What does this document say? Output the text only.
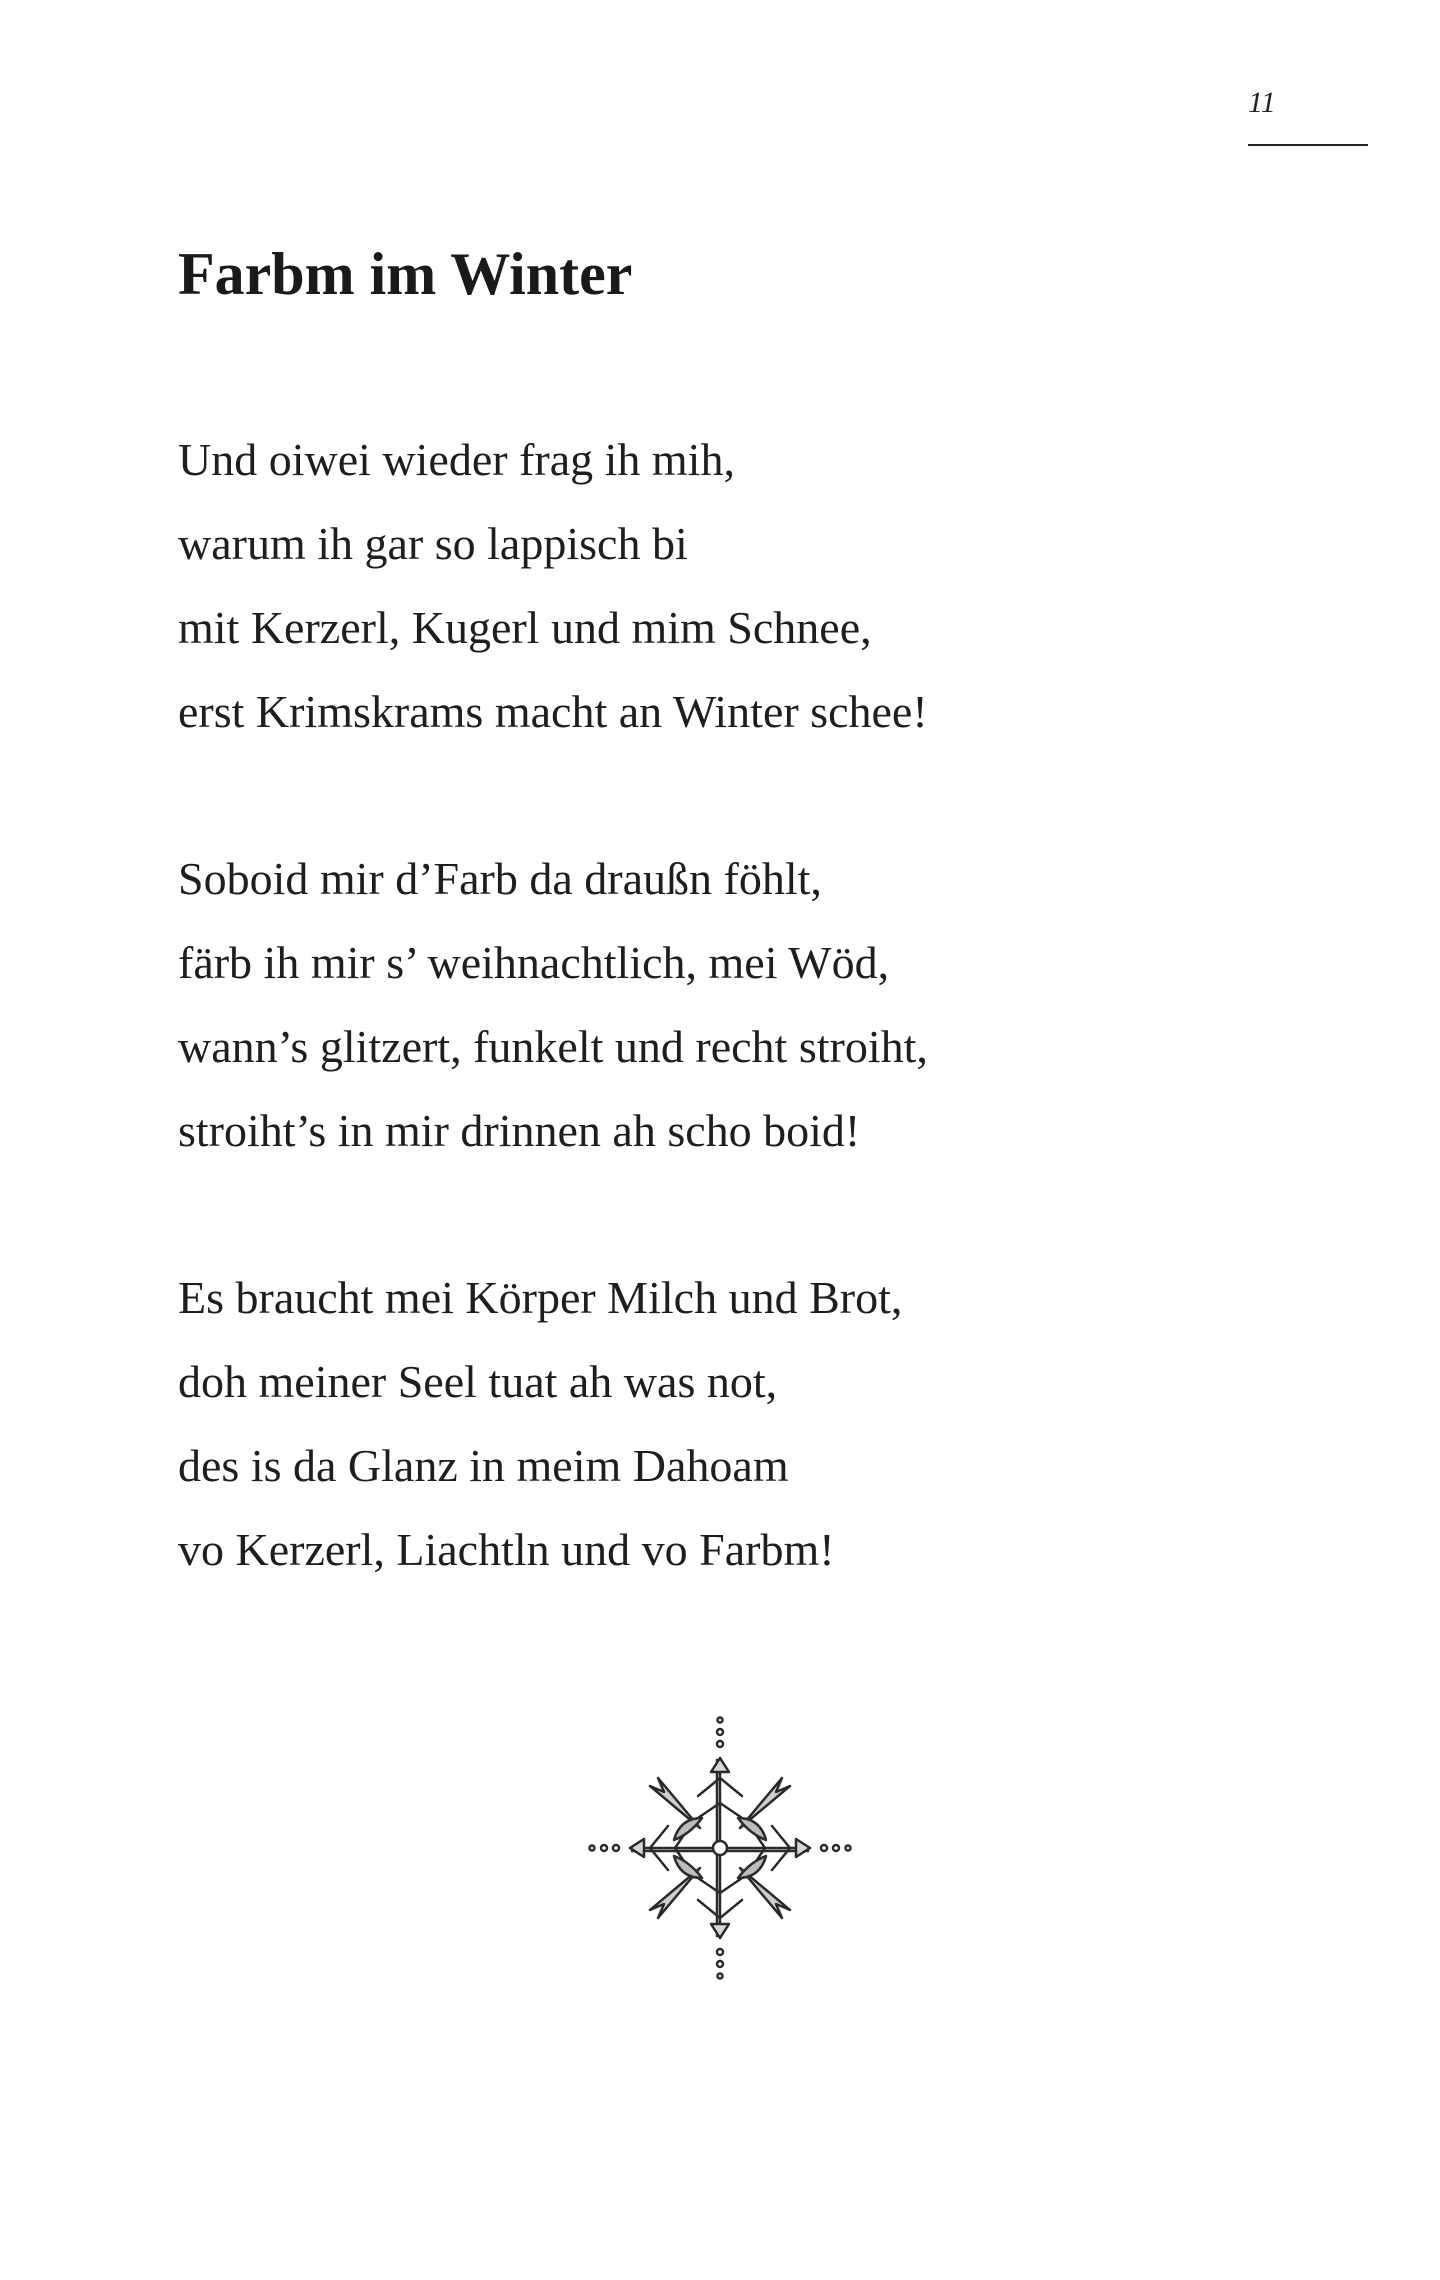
11
Farbm im Winter

Und oiwei wieder frag ih mih,
warum ih gar so lappisch bi
mit Kerzerl, Kugerl und mim Schnee,
erst Krimskrams macht an Winter schee!

Soboid mir d’Farb da draußn föhlt,
färb ih mir s’ weihnachtlich, mei Wöd,
wann’s glitzert, funkelt und recht stroiht,
stroiht’s in mir drinnen ah scho boid!

Es braucht mei Körper Milch und Brot,
doh meiner Seel tuat ah was not,
des is da Glanz in meim Dahoam
vo Kerzerl, Liachtln und vo Farbm!
